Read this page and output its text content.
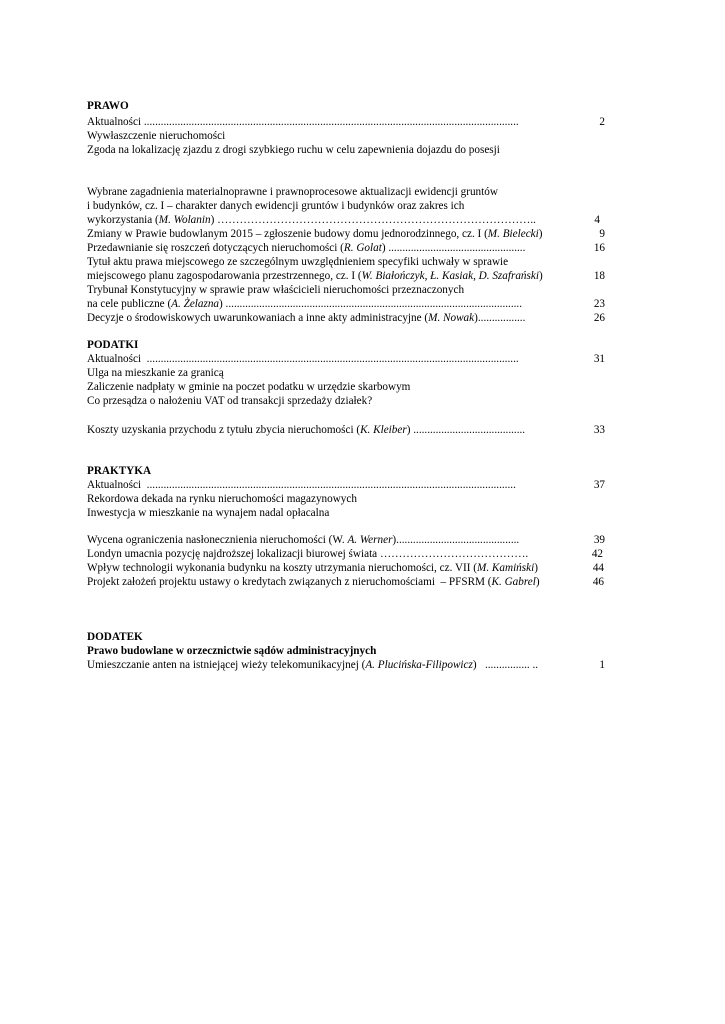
PRAWO
Aktualności ......................................................................................................................................	2
Wywłaszczenie nieruchomości
Zgoda na lokalizację zjazdu z drogi szybkiego ruchu w celu zapewnienia dojazdu do posesji
Wybrane zagadnienia materialnoprawne i prawnoprocesowe aktualizacji ewidencji gruntów
i budynków, cz. I – charakter danych ewidencji gruntów i budynków oraz zakres ich
wykorzystania (M. Wolanin) …………………………………………………………………………..	4
Zmiany w Prawie budowlanym 2015 – zgłoszenie budowy domu jednorodzinnego, cz. I (M. Bielecki)	9
Przedawnianie się roszczeń dotyczących nieruchomości (R. Golat) .................................................	16
Tytuł aktu prawa miejscowego ze szczególnym uwzględnieniem specyfiki uchwały w sprawie
miejscowego planu zagospodarowania przestrzennego, cz. I (W. Białończyk, Ł. Kasiak, D. Szafrański)	18
Trybunał Konstytucyjny w sprawie praw właścicieli nieruchomości przeznaczonych
na cele publiczne (A. Żelazna) ..........................................................................................................	23
Decyzje o środowiskowych uwarunkowaniach a inne akty administracyjne (M. Nowak).................	26
PODATKI
Aktualności  .....................................................................................................................................	31
Ulga na mieszkanie za granicą
Zaliczenie nadpłaty w gminie na poczet podatku w urzędzie skarbowym
Co przesądza o nałożeniu VAT od transakcji sprzedaży działek?
Koszty uzyskania przychodu z tytułu zbycia nieruchomości (K. Kleiber) ........................................	33
PRAKTYKA
Aktualności  ....................................................................................................................................	37
Rekordowa dekada na rynku nieruchomości magazynowych
Inwestycja w mieszkanie na wynajem nadal opłacalna
Wycena ograniczenia nasłonecznienia nieruchomości (W. A. Werner)............................................	39
Londyn umacnia pozycję najdroższej lokalizacji biurowej świata ………………………………….	42
Wpływ technologii wykonania budynku na koszty utrzymania nieruchomości, cz. VII (M. Kamiński)	44
Projekt założeń projektu ustawy o kredytach związanych z nieruchomościami  – PFSRM (K. Gabrel)	46
DODATEK
Prawo budowlane w orzecznictwie sądów administracyjnych
Umieszczanie anten na istniejącej wieży telekomunikacyjnej (A. Plucińska-Filipowicz)   ................ ..	1
